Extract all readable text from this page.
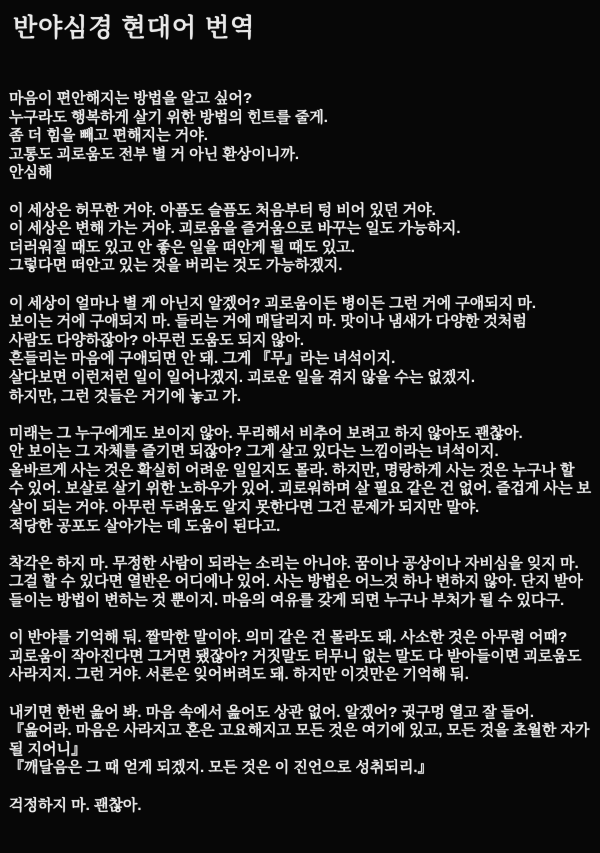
반야심경 현대어 번역
마음이 편안해지는 방법을 알고 싶어?
누구라도 행복하게 살기 위한 방법의 힌트를 줄게.
좀 더 힘을 빼고 편해지는 거야.
고통도 괴로움도 전부 별 거 아닌 환상이니까.
안심해
이 세상은 허무한 거야. 아픔도 슬픔도 처음부터 텅 비어 있던 거야.
이 세상은 변해 가는 거야. 괴로움을 즐거움으로 바꾸는 일도 가능하지.
더러워질 때도 있고 안 좋은 일을 떠안게 될 때도 있고.
그렇다면 떠안고 있는 것을 버리는 것도 가능하겠지.
이 세상이 얼마나 별 게 아닌지 알겠어? 괴로움이든 병이든 그런 거에 구애되지 마.
보이는 거에 구애되지 마. 들리는 거에 매달리지 마. 맛이나 냄새가 다양한 것처럼
사람도 다양하잖아? 아무런 도움도 되지 않아.
흔들리는 마음에 구애되면 안 돼. 그게 『무』라는 녀석이지.
살다보면 이런저런 일이 일어나겠지. 괴로운 일을 겪지 않을 수는 없겠지.
하지만, 그런 것들은 거기에 놓고 가.
미래는 그 누구에게도 보이지 않아. 무리해서 비추어 보려고 하지 않아도 괜찮아.
안 보이는 그 자체를 즐기면 되잖아? 그게 살고 있다는 느낌이라는 녀석이지.
올바르게 사는 것은 확실히 어려운 일일지도 몰라. 하지만, 명랑하게 사는 것은 누구나 할
수 있어. 보살로 살기 위한 노하우가 있어. 괴로워하며 살 필요 같은 건 없어. 즐겁게 사는 보
살이 되는 거야. 아무런 두려움도 알지 못한다면 그건 문제가 되지만 말야.
적당한 공포도 살아가는 데 도움이 된다고.
착각은 하지 마. 무정한 사람이 되라는 소리는 아니야. 꿈이나 공상이나 자비심을 잊지 마.
그걸 할 수 있다면 열반은 어디에나 있어. 사는 방법은 어느것 하나 변하지 않아. 단지 받아
들이는 방법이 변하는 것 뿐이지. 마음의 여유를 갖게 되면 누구나 부처가 될 수 있다구.
이 반야를 기억해 둬. 짤막한 말이야. 의미 같은 건 몰라도 돼. 사소한 것은 아무렴 어때?
괴로움이 작아진다면 그거면 됐잖아? 거짓말도 터무니 없는 말도 다 받아들이면 괴로움도
사라지지. 그런 거야. 서론은 잊어버려도 돼. 하지만 이것만은 기억해 둬.
내키면 한번 읊어 봐. 마음 속에서 읊어도 상관 없어. 알겠어? 귓구멍 열고 잘 들어.
『읊어라. 마음은 사라지고 혼은 고요해지고 모든 것은 여기에 있고, 모든 것을 초월한 자가
될 지어니』
『깨달음은 그 때 얻게 되겠지. 모든 것은 이 진언으로 성취되리.』
걱정하지 마. 괜찮아.
